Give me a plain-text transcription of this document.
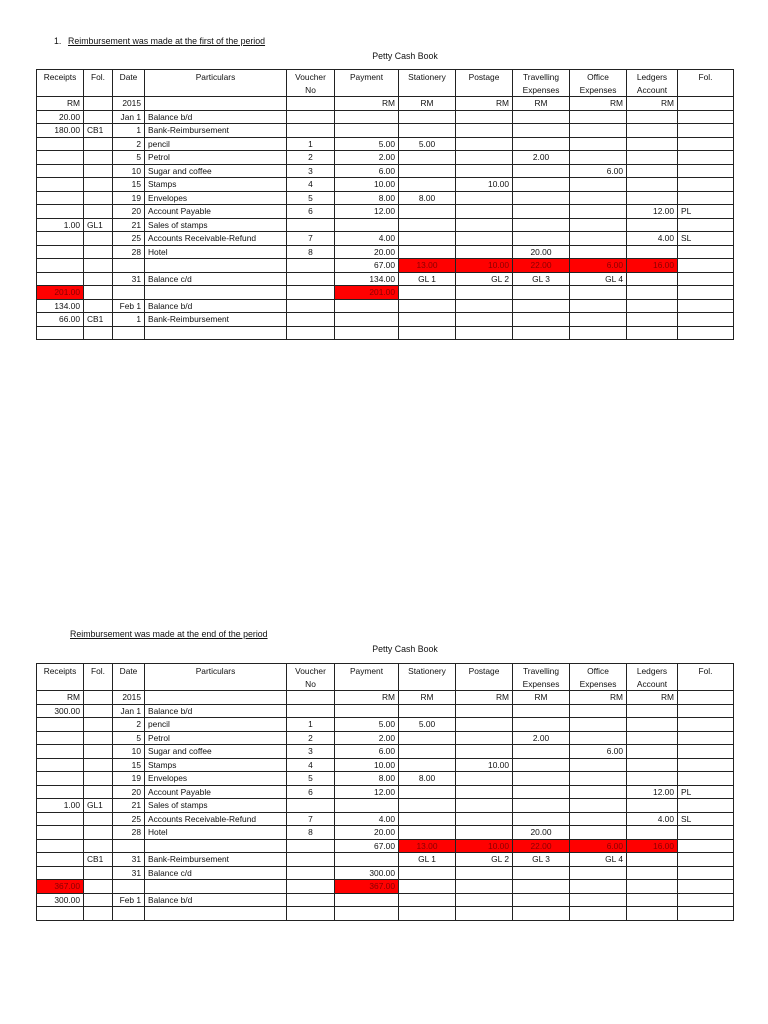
1. Reimbursement was made at the first of the period
Petty Cash Book
Receipts	Fol.	Date	Particulars	Voucher No	Payment	Stationery	Postage	Travelling Expenses	Office Expenses	Ledgers Account	Fol.
RM		2015			RM	RM	RM	RM	RM	RM	
20.00		Jan 1	Balance b/d								
180.00	CB1	1	Bank-Reimbursement								
		2	pencil	1	5.00	5.00					
		5	Petrol	2	2.00			2.00			
		10	Sugar and coffee	3	6.00				6.00		
		15	Stamps	4	10.00		10.00				
		19	Envelopes	5	8.00	8.00					
		20	Account Payable	6	12.00					12.00	PL
1.00	GL1	21	Sales of stamps								
		25	Accounts Receivable-Refund	7	4.00					4.00	SL
		28	Hotel	8	20.00			20.00			
					67.00	13.00	10.00	22.00	6.00	16.00	
		31	Balance c/d		134.00	GL 1	GL 2	GL 3	GL 4		
201.00					201.00						
134.00		Feb 1	Balance b/d								
66.00	CB1	1	Bank-Reimbursement								

Reimbursement was made at the end of the period
Petty Cash Book
Receipts	Fol.	Date	Particulars	Voucher No	Payment	Stationery	Postage	Travelling Expenses	Office Expenses	Ledgers Account	Fol.
RM		2015			RM	RM	RM	RM	RM	RM	
300.00		Jan 1	Balance b/d								
		2	pencil	1	5.00	5.00					
		5	Petrol	2	2.00			2.00			
		10	Sugar and coffee	3	6.00				6.00		
		15	Stamps	4	10.00		10.00				
		19	Envelopes	5	8.00	8.00					
		20	Account Payable	6	12.00					12.00	PL
1.00	GL1	21	Sales of stamps								
		25	Accounts Receivable-Refund	7	4.00					4.00	SL
		28	Hotel	8	20.00			20.00			
					67.00	13.00	10.00	22.00	6.00	16.00	
	CB1	31	Bank-Reimbursement			GL 1	GL 2	GL 3	GL 4		
		31	Balance c/d		300.00						
367.00					367.00						
300.00		Feb 1	Balance b/d								
